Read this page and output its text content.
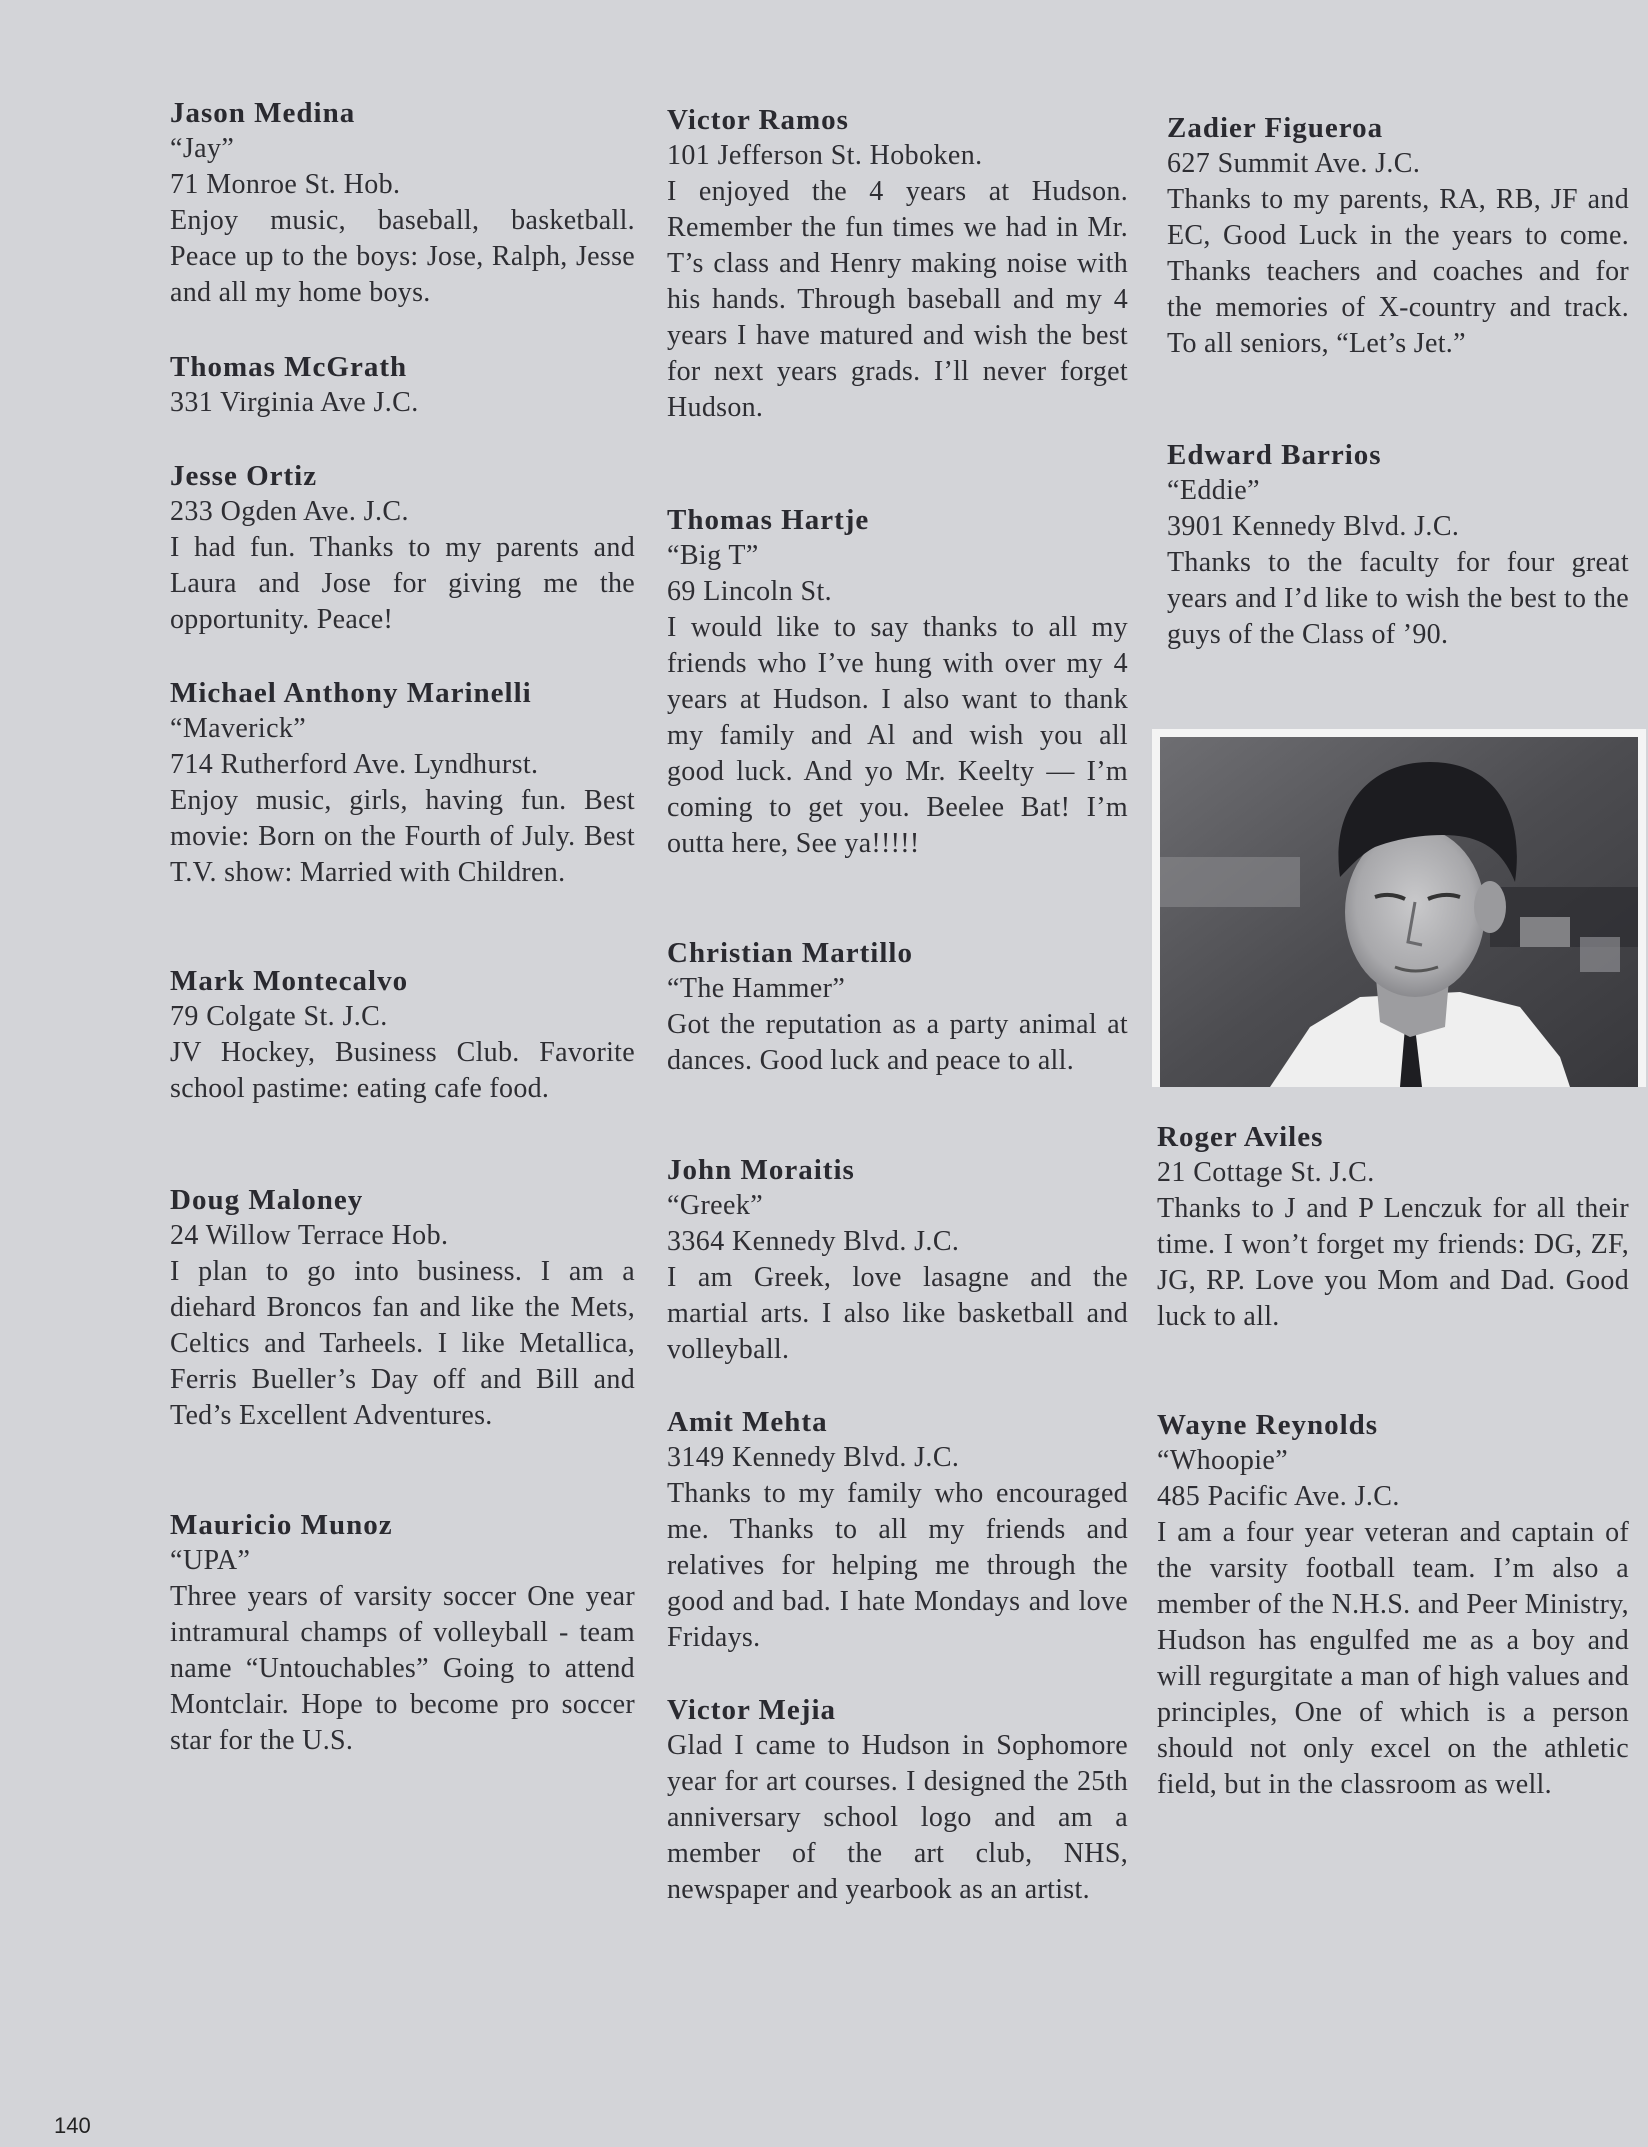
Jason Medina
“Jay”
71 Monroe St. Hob.
Enjoy music, baseball, basketball. Peace up to the boys: Jose, Ralph, Jesse and all my home boys.
Thomas McGrath
331 Virginia Ave J.C.
Jesse Ortiz
233 Ogden Ave. J.C.
I had fun. Thanks to my parents and Laura and Jose for giving me the opportunity. Peace!
Michael Anthony Marinelli
“Maverick”
714 Rutherford Ave. Lyndhurst.
Enjoy music, girls, having fun. Best movie: Born on the Fourth of July. Best T.V. show: Married with Children.
Mark Montecalvo
79 Colgate St. J.C.
JV Hockey, Business Club. Favorite school pastime: eating cafe food.
Doug Maloney
24 Willow Terrace Hob.
I plan to go into business. I am a diehard Broncos fan and like the Mets, Celtics and Tarheels. I like Metallica, Ferris Bueller’s Day off and Bill and Ted’s Excellent Adventures.
Mauricio Munoz
“UPA”
Three years of varsity soccer One year intramural champs of volleyball - team name “Untouchables” Going to attend Montclair. Hope to become pro soccer star for the U.S.
Victor Ramos
101 Jefferson St. Hoboken.
I enjoyed the 4 years at Hudson. Remember the fun times we had in Mr. T’s class and Henry making noise with his hands. Through baseball and my 4 years I have matured and wish the best for next years grads. I’ll never forget Hudson.
Thomas Hartje
“Big T”
69 Lincoln St.
I would like to say thanks to all my friends who I’ve hung with over my 4 years at Hudson. I also want to thank my family and Al and wish you all good luck. And yo Mr. Keelty — I’m coming to get you. Beelee Bat! I’m outta here, See ya!!!!!
Christian Martillo
“The Hammer”
Got the reputation as a party animal at dances. Good luck and peace to all.
John Moraitis
“Greek”
3364 Kennedy Blvd. J.C.
I am Greek, love lasagne and the martial arts. I also like basketball and volleyball.
Amit Mehta
3149 Kennedy Blvd. J.C.
Thanks to my family who encouraged me. Thanks to all my friends and relatives for helping me through the good and bad. I hate Mondays and love Fridays.
Victor Mejia
Glad I came to Hudson in Sophomore year for art courses. I designed the 25th anniversary school logo and am a member of the art club, NHS, newspaper and yearbook as an artist.
Zadier Figueroa
627 Summit Ave. J.C.
Thanks to my parents, RA, RB, JF and EC, Good Luck in the years to come. Thanks teachers and coaches and for the memories of X-country and track. To all seniors, “Let’s Jet.”
Edward Barrios
“Eddie”
3901 Kennedy Blvd. J.C.
Thanks to the faculty for four great years and I’d like to wish the best to the guys of the Class of ’90.
Roger Aviles
21 Cottage St. J.C.
Thanks to J and P Lenczuk for all their time. I won’t forget my friends: DG, ZF, JG, RP. Love you Mom and Dad. Good luck to all.
Wayne Reynolds
“Whoopie”
485 Pacific Ave. J.C.
I am a four year veteran and captain of the varsity football team. I’m also a member of the N.H.S. and Peer Ministry, Hudson has engulfed me as a boy and will regurgitate a man of high values and principles, One of which is a person should not only excel on the athletic field, but in the classroom as well.
140
